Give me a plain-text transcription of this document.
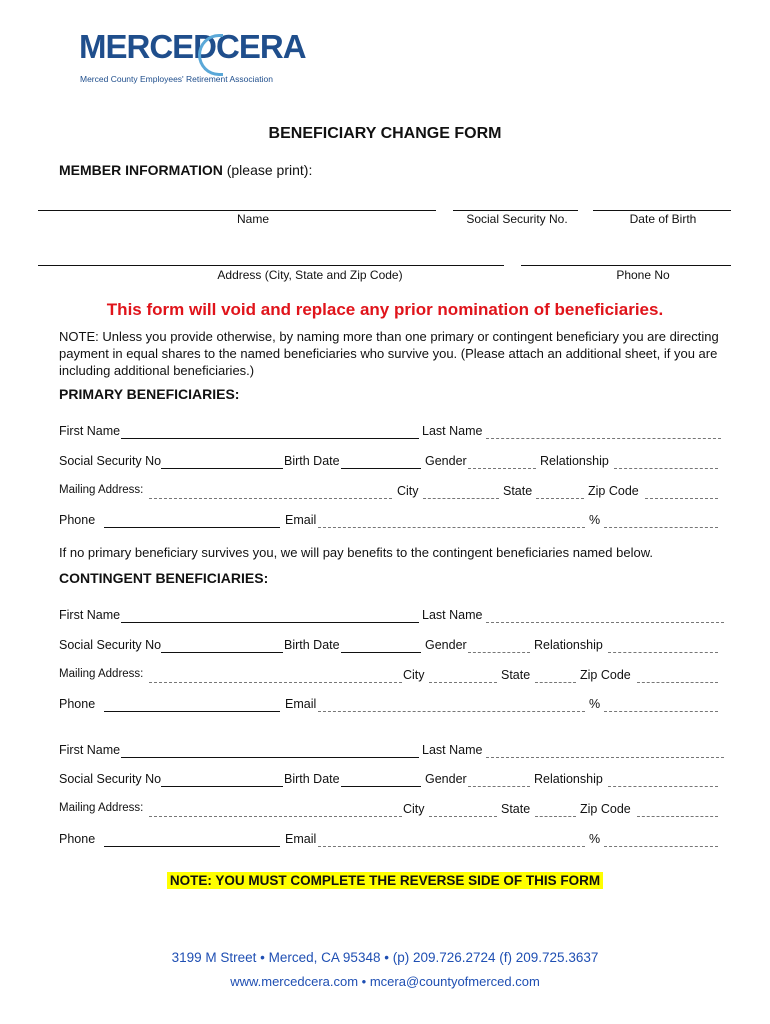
MERCEDCERA
Merced County Employees' Retirement Association
BENEFICIARY CHANGE FORM
MEMBER INFORMATION (please print):
Name	Social Security No.	Date of Birth
Address (City, State and Zip Code)	Phone No
This form will void and replace any prior nomination of beneficiaries.
NOTE: Unless you provide otherwise, by naming more than one primary or contingent beneficiary you are directing payment in equal shares to the named beneficiaries who survive you. (Please attach an additional sheet, if you are including additional beneficiaries.)
PRIMARY BENEFICIARIES:
First Name	Last Name
Social Security No	Birth Date	Gender	Relationship
Mailing Address:	City	State	Zip Code
Phone	Email	%
If no primary beneficiary survives you, we will pay benefits to the contingent beneficiaries named below.
CONTINGENT BENEFICIARIES:
First Name	Last Name
Social Security No	Birth Date	Gender	Relationship
Mailing Address:	City	State	Zip Code
Phone	Email	%
First Name	Last Name
Social Security No	Birth Date	Gender	Relationship
Mailing Address:	City	State	Zip Code
Phone	Email	%
NOTE: YOU MUST COMPLETE THE REVERSE SIDE OF THIS FORM
3199 M Street • Merced, CA 95348 • (p) 209.726.2724 (f) 209.725.3637
www.mercedcera.com • mcera@countyofmerced.com
